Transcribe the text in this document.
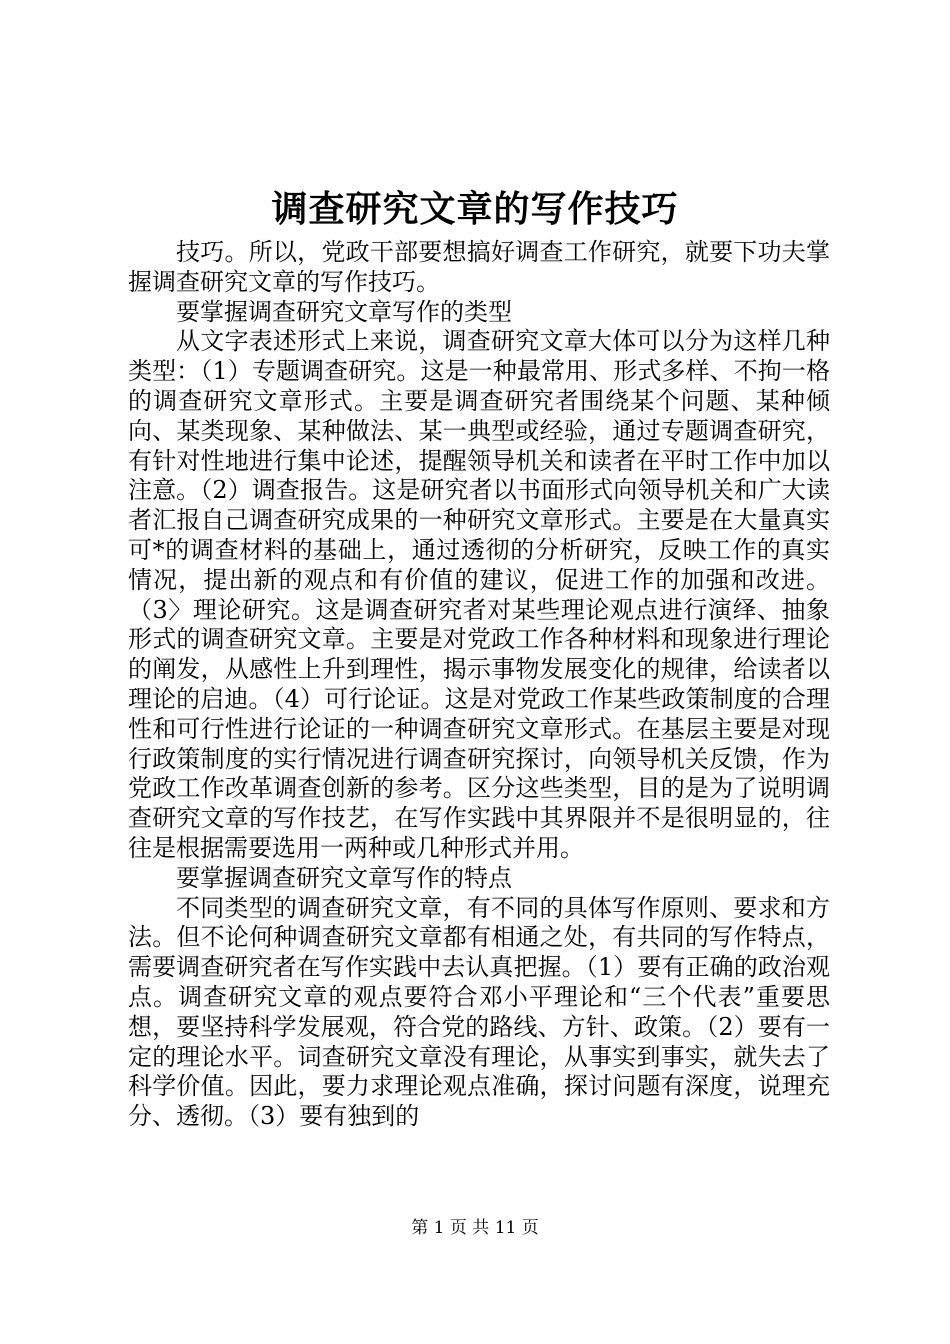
调查研究文章的写作技巧

技巧。所以，党政干部要想搞好调查工作研究，就要下功夫掌握调查研究文章的写作技巧。

要掌握调查研究文章写作的类型

从文字表述形式上来说，调查研究文章大体可以分为这样几种类型：（1）专题调查研究。这是一种最常用、形式多样、不拘一格的调查研究文章形式。主要是调查研究者围绕某个问题、某种倾向、某类现象、某种做法、某一典型或经验，通过专题调查研究，有针对性地进行集中论述，提醒领导机关和读者在平时工作中加以注意。（2）调查报告。这是研究者以书面形式向领导机关和广大读者汇报自己调查研究成果的一种研究文章形式。主要是在大量真实可*的调查材料的基础上，通过透彻的分析研究，反映工作的真实情况，提出新的观点和有价值的建议，促进工作的加强和改进。（3〉理论研究。这是调查研究者对某些理论观点进行演绎、抽象形式的调查研究文章。主要是对党政工作各种材料和现象进行理论的阐发，从感性上升到理性，揭示事物发展变化的规律，给读者以理论的启迪。（4）可行论证。这是对党政工作某些政策制度的合理性和可行性进行论证的一种调查研究文章形式。在基层主要是对现行政策制度的实行情况进行调查研究探讨，向领导机关反馈，作为党政工作改革调查创新的参考。区分这些类型，目的是为了说明调查研究文章的写作技艺，在写作实践中其界限并不是很明显的，往往是根据需要选用一两种或几种形式并用。

要掌握调查研究文章写作的特点

不同类型的调查研究文章，有不同的具体写作原则、要求和方法。但不论何种调查研究文章都有相通之处，有共同的写作特点，需要调查研究者在写作实践中去认真把握。（1）要有正确的政治观点。调查研究文章的观点要符合邓小平理论和“三个代表”重要思想，要坚持科学发展观，符合党的路线、方针、政策。（2）要有一定的理论水平。词查研究文章没有理论，从事实到事实，就失去了科学价值。因此，要力求理论观点准确，探讨问题有深度，说理充分、透彻。（3）要有独到的

第 1 页 共 11 页
